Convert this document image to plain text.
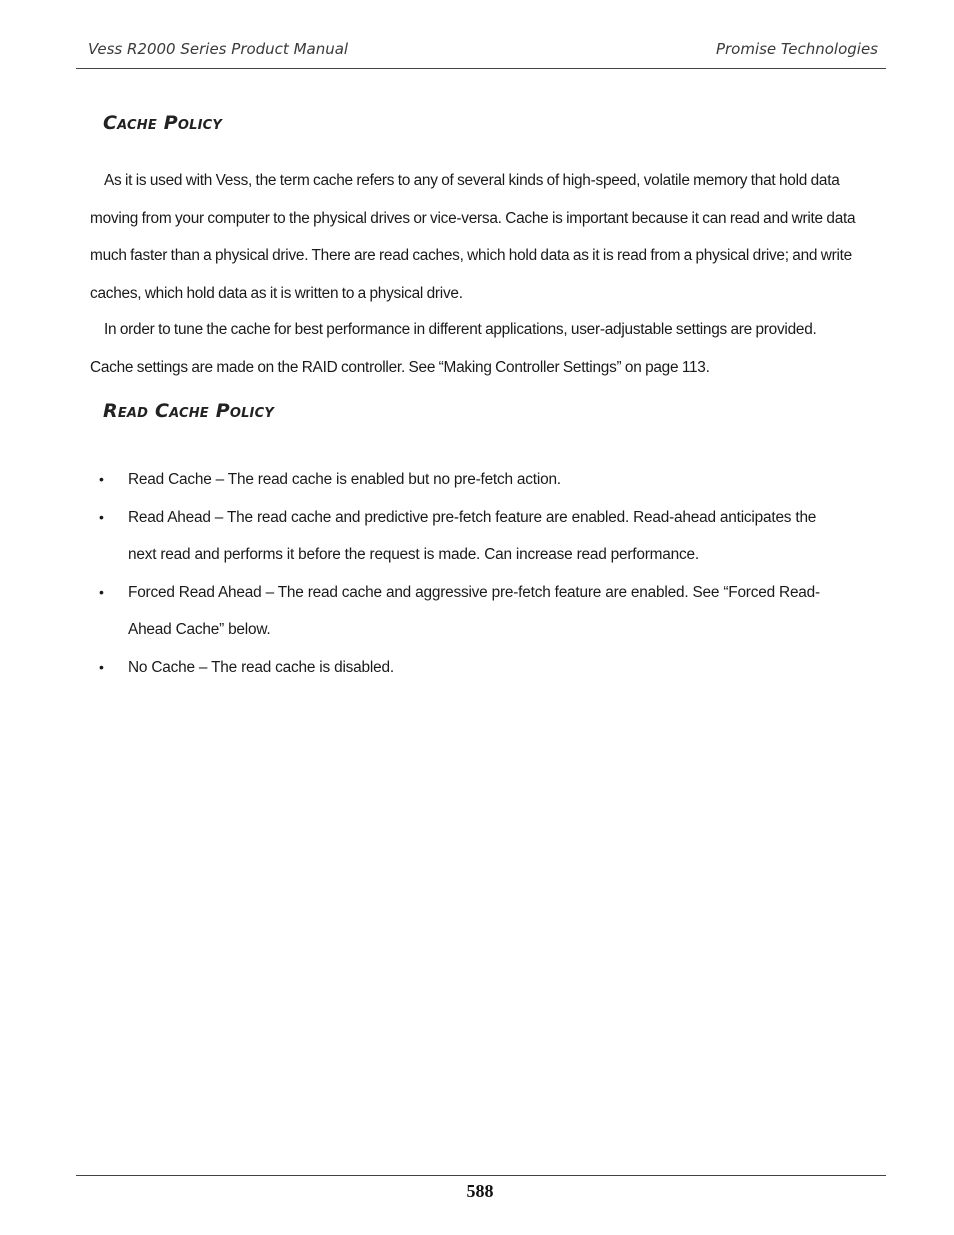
Vess R2000 Series Product Manual	Promise Technologies
Cache Policy

As it is used with Vess, the term cache refers to any of several kinds of high-speed, volatile memory that hold data moving from your computer to the physical drives or vice-versa. Cache is important because it can read and write data much faster than a physical drive. There are read caches, which hold data as it is read from a physical drive; and write caches, which hold data as it is written to a physical drive.

In order to tune the cache for best performance in different applications, user-adjustable settings are provided. Cache settings are made on the RAID controller. See “Making Controller Settings” on page 113.

Read Cache Policy
• Read Cache – The read cache is enabled but no pre-fetch action.
• Read Ahead – The read cache and predictive pre-fetch feature are enabled. Read-ahead anticipates the next read and performs it before the request is made. Can increase read performance.
• Forced Read Ahead – The read cache and aggressive pre-fetch feature are enabled. See “Forced Read-Ahead Cache” below.
• No Cache – The read cache is disabled.
588
